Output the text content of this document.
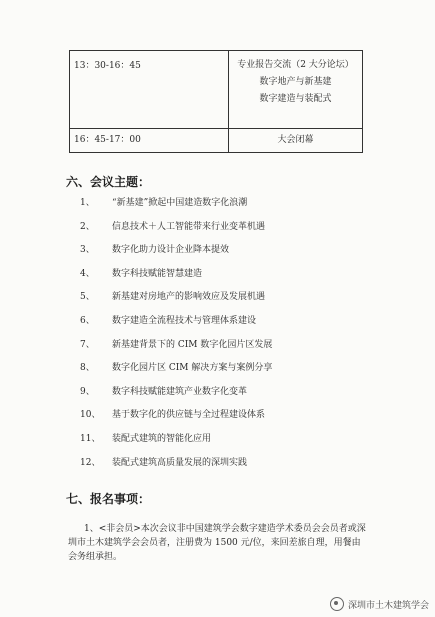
13：30-16：45	专业报告交流（2 大分论坛）
数字地产与新基建
数字建造与装配式

16：45-17：00	大会闭幕
六、会议主题：
1、 “新基建”掀起中国建造数字化浪潮
2、 信息技术＋人工智能带来行业变革机遇
3、 数字化助力设计企业降本提效
4、 数字科技赋能智慧建造
5、 新基建对房地产的影响效应及发展机遇
6、 数字建造全流程技术与管理体系建设
7、 新基建背景下的 CIM 数字化园片区发展
8、 数字化园片区 CIM 解决方案与案例分享
9、 数字科技赋能建筑产业数字化变革
10、 基于数字化的供应链与全过程建设体系
11、 装配式建筑的智能化应用
12、 装配式建筑高质量发展的深圳实践
七、报名事项：

1、<非会员>本次会议非中国建筑学会数字建造学术委员会会员者或深圳市土木建筑学会会员者，注册费为 1500 元/位，来回差旅自理，用餐由会务组承担。

深圳市土木建筑学会
